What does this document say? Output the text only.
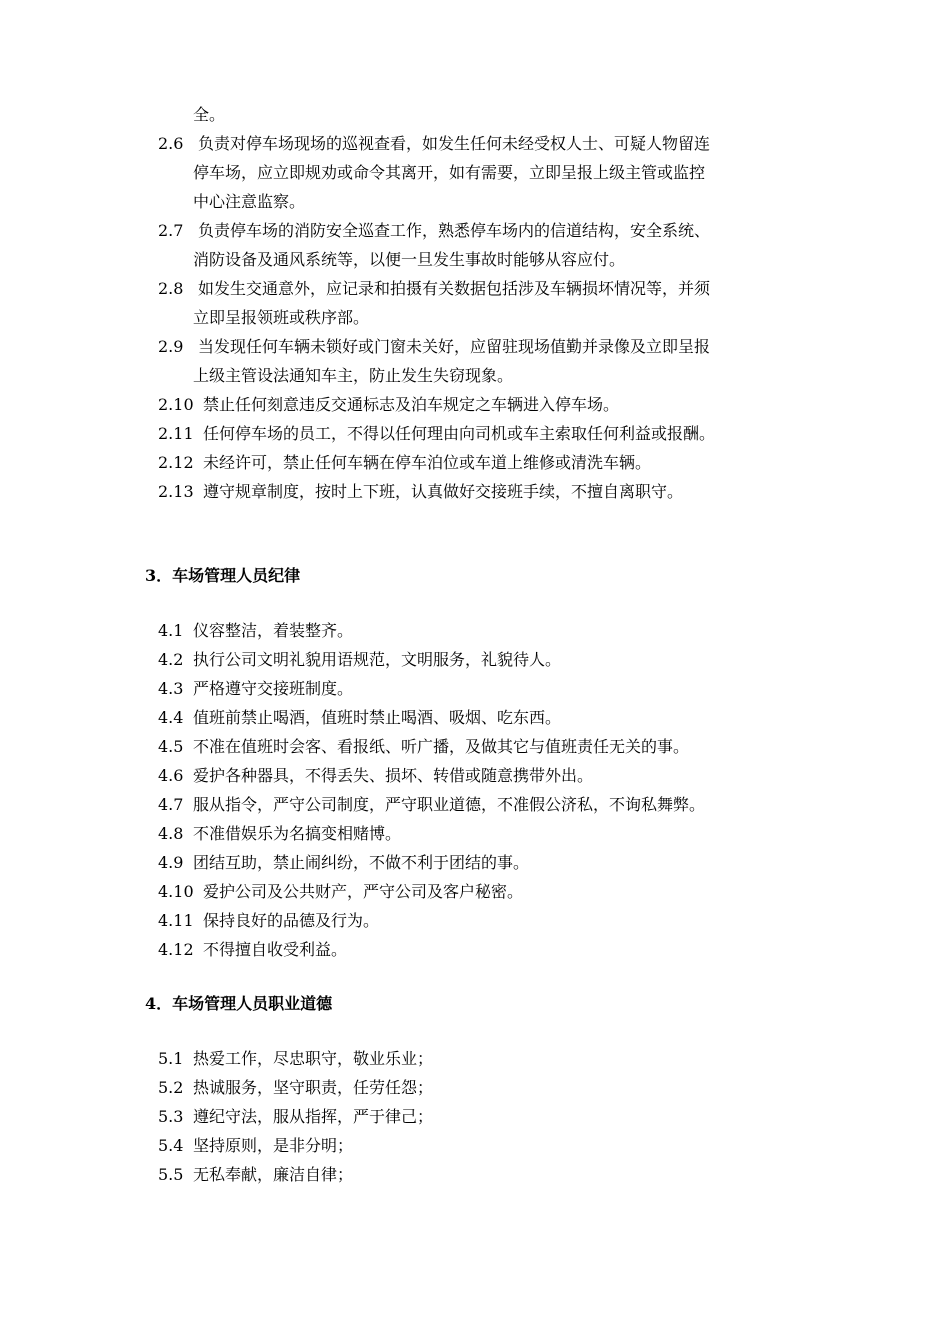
全。
2.6 负责对停车场现场的巡视查看，如发生任何未经受权人士、可疑人物留连
停车场，应立即规劝或命令其离开，如有需要，立即呈报上级主管或监控
中心注意监察。
2.7 负责停车场的消防安全巡查工作，熟悉停车场内的信道结构，安全系统、
消防设备及通风系统等，以便一旦发生事故时能够从容应付。
2.8 如发生交通意外，应记录和拍摄有关数据包括涉及车辆损坏情况等，并须
立即呈报领班或秩序部。
2.9 当发现任何车辆未锁好或门窗未关好，应留驻现场值勤并录像及立即呈报
上级主管设法通知车主，防止发生失窃现象。
2.10 禁止任何刻意违反交通标志及泊车规定之车辆进入停车场。
2.11 任何停车场的员工，不得以任何理由向司机或车主索取任何利益或报酬。
2.12 未经许可，禁止任何车辆在停车泊位或车道上维修或清洗车辆。
2.13 遵守规章制度，按时上下班，认真做好交接班手续，不擅自离职守。
3．车场管理人员纪律
4.1 仪容整洁，着装整齐。
4.2 执行公司文明礼貌用语规范，文明服务，礼貌待人。
4.3 严格遵守交接班制度。
4.4 值班前禁止喝酒，值班时禁止喝酒、吸烟、吃东西。
4.5 不准在值班时会客、看报纸、听广播，及做其它与值班责任无关的事。
4.6 爱护各种器具，不得丢失、损坏、转借或随意携带外出。
4.7 服从指令，严守公司制度，严守职业道德，不准假公济私，不询私舞弊。
4.8 不准借娱乐为名搞变相赌博。
4.9 团结互助，禁止闹纠纷，不做不利于团结的事。
4.10 爱护公司及公共财产，严守公司及客户秘密。
4.11 保持良好的品德及行为。
4.12 不得擅自收受利益。
4．车场管理人员职业道德
5.1 热爱工作，尽忠职守，敬业乐业；
5.2 热诚服务，坚守职责，任劳任怨；
5.3 遵纪守法，服从指挥，严于律己；
5.4 坚持原则，是非分明；
5.5 无私奉献，廉洁自律；
